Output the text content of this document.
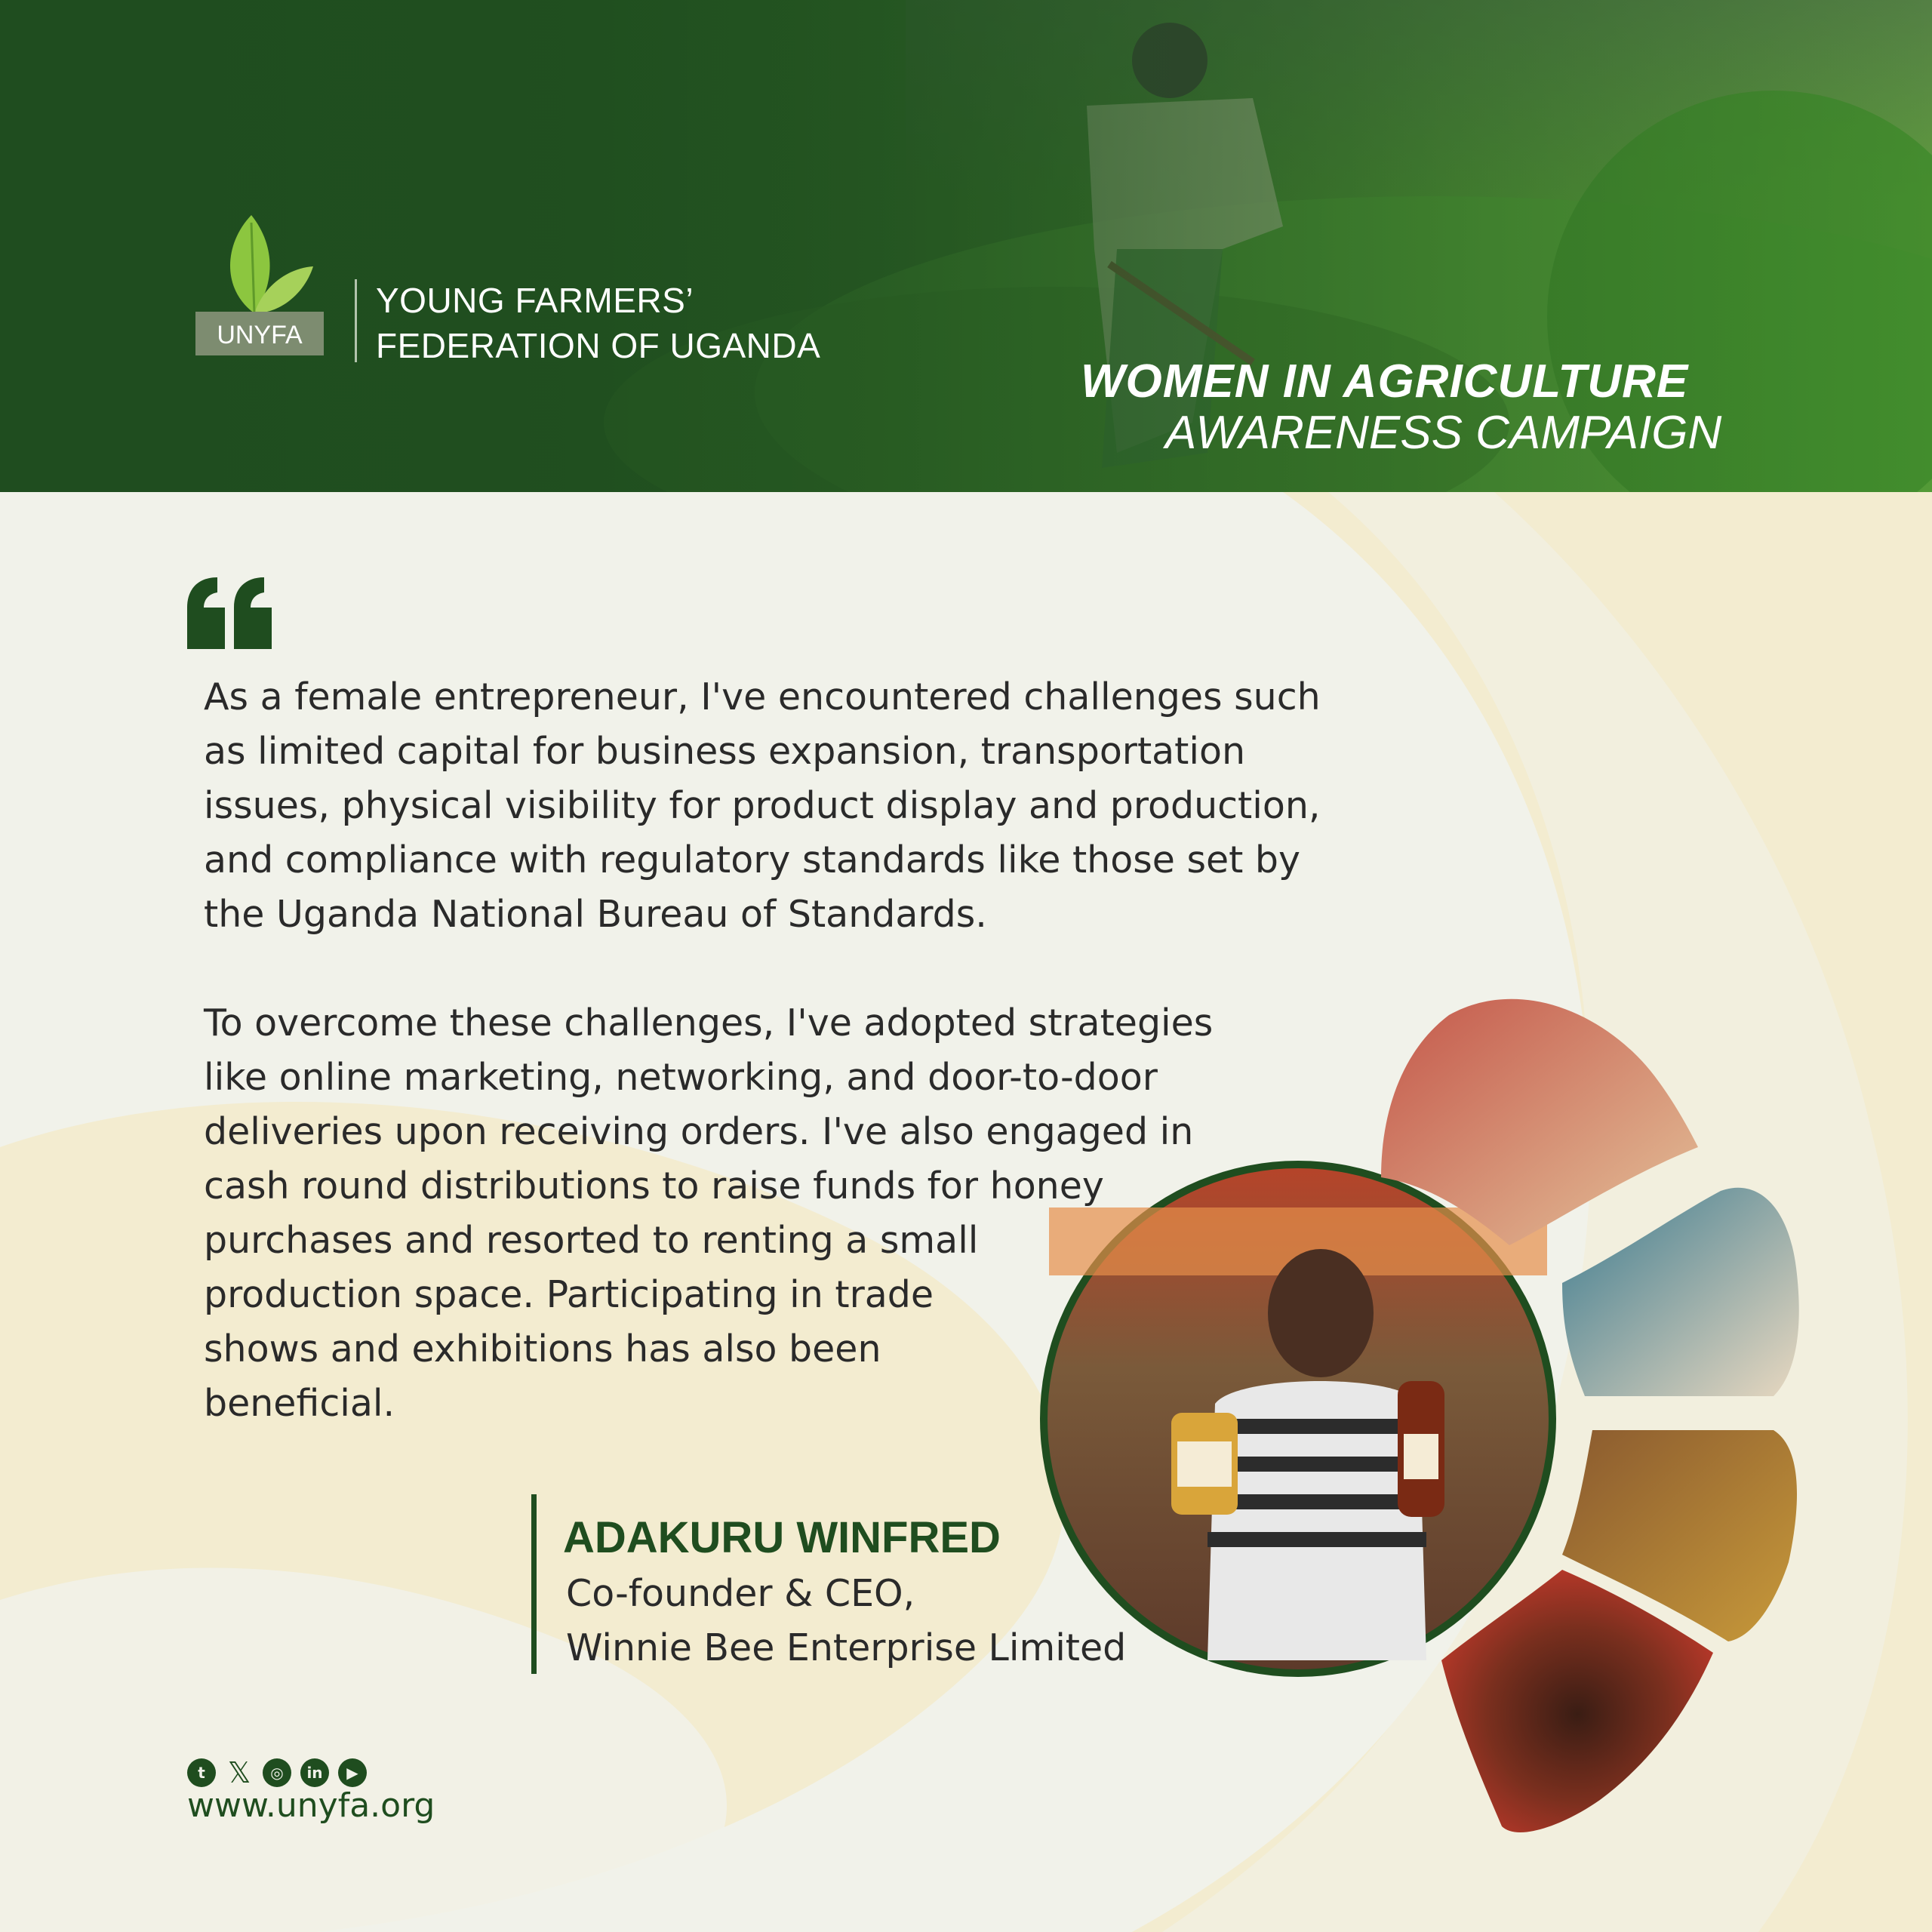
UNYFA
YOUNG FARMERS’
FEDERATION OF UGANDA
WOMEN IN AGRICULTURE
AWARENESS CAMPAIGN
As a female entrepreneur, I've encountered challenges such
as limited capital for business expansion, transportation
issues, physical visibility for product display and production,
and compliance with regulatory standards like those set by
the Uganda National Bureau of Standards.

To overcome these challenges, I've adopted strategies
like online marketing, networking, and door-to-door
deliveries upon receiving orders. I've also engaged in
cash round distributions to raise funds for honey
purchases and resorted to renting a small
production space. Participating in trade
shows and exhibitions has also been
beneficial.
ADAKURU WINFRED
Co-founder & CEO,
Winnie Bee Enterprise Limited
t 𝕏	◎	in	▶
www.unyfa.org
